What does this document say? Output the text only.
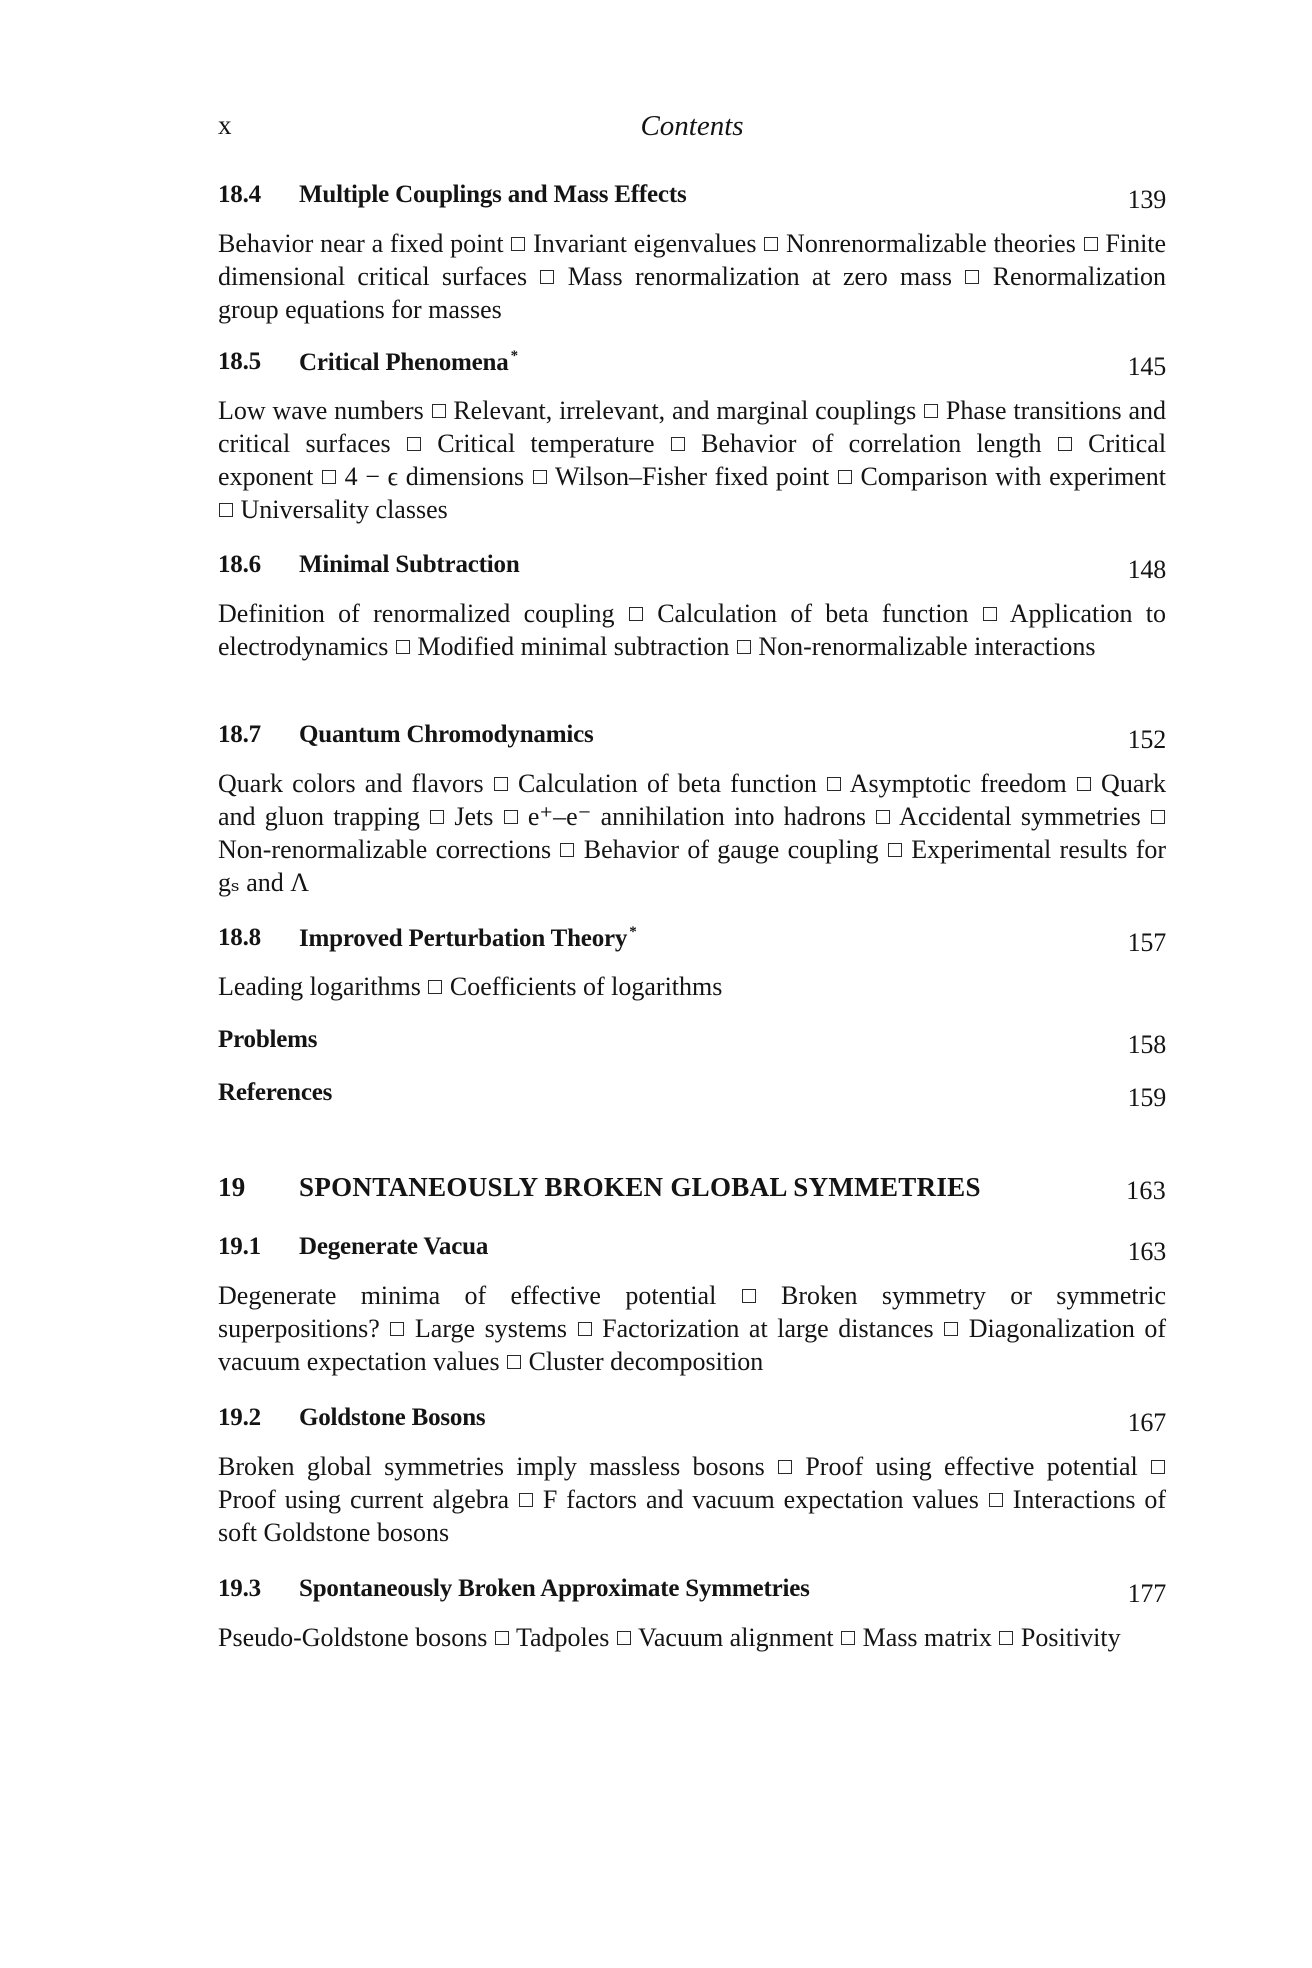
x	Contents
18.4 Multiple Couplings and Mass Effects	139
Behavior near a fixed point Invariant eigenvalues Nonrenormalizable theories Finite dimensional critical surfaces Mass renormalization at zero mass Renormalization group equations for masses
18.5 Critical Phenomena *	145
Low wave numbers Relevant, irrelevant, and marginal couplings Phase transitions and critical surfaces Critical temperature Behavior of correlation length Critical exponent 4 − ϵ dimensions Wilson–Fisher fixed point Comparison with experiment  Universality classes
18.6 Minimal Subtraction	148
Definition of renormalized coupling Calculation of beta function Application to electrodynamics Modified minimal subtraction Non-renormalizable interactions
18.7 Quantum Chromodynamics	152
Quark colors and flavors Calculation of beta function Asymptotic freedom Quark and gluon trapping Jets e⁺–e⁻ annihilation into hadrons Accidental symmetries  Non-renormalizable corrections Behavior of gauge coupling Experimental results for gₛ and Λ
18.8 Improved Perturbation Theory *	157
Leading logarithms Coefficients of logarithms
Problems	158
References	159
19 SPONTANEOUSLY BROKEN GLOBAL SYMMETRIES	163
19.1 Degenerate Vacua	163
Degenerate minima of effective potential Broken symmetry or symmetric superpositions? Large systems Factorization at large distances Diagonalization of vacuum expectation values Cluster decomposition
19.2 Goldstone Bosons	167
Broken global symmetries imply massless bosons Proof using effective potential  Proof using current algebra F factors and vacuum expectation values Interactions of soft Goldstone bosons
19.3 Spontaneously Broken Approximate Symmetries	177
Pseudo-Goldstone bosons Tadpoles Vacuum alignment Mass matrix Positivity
